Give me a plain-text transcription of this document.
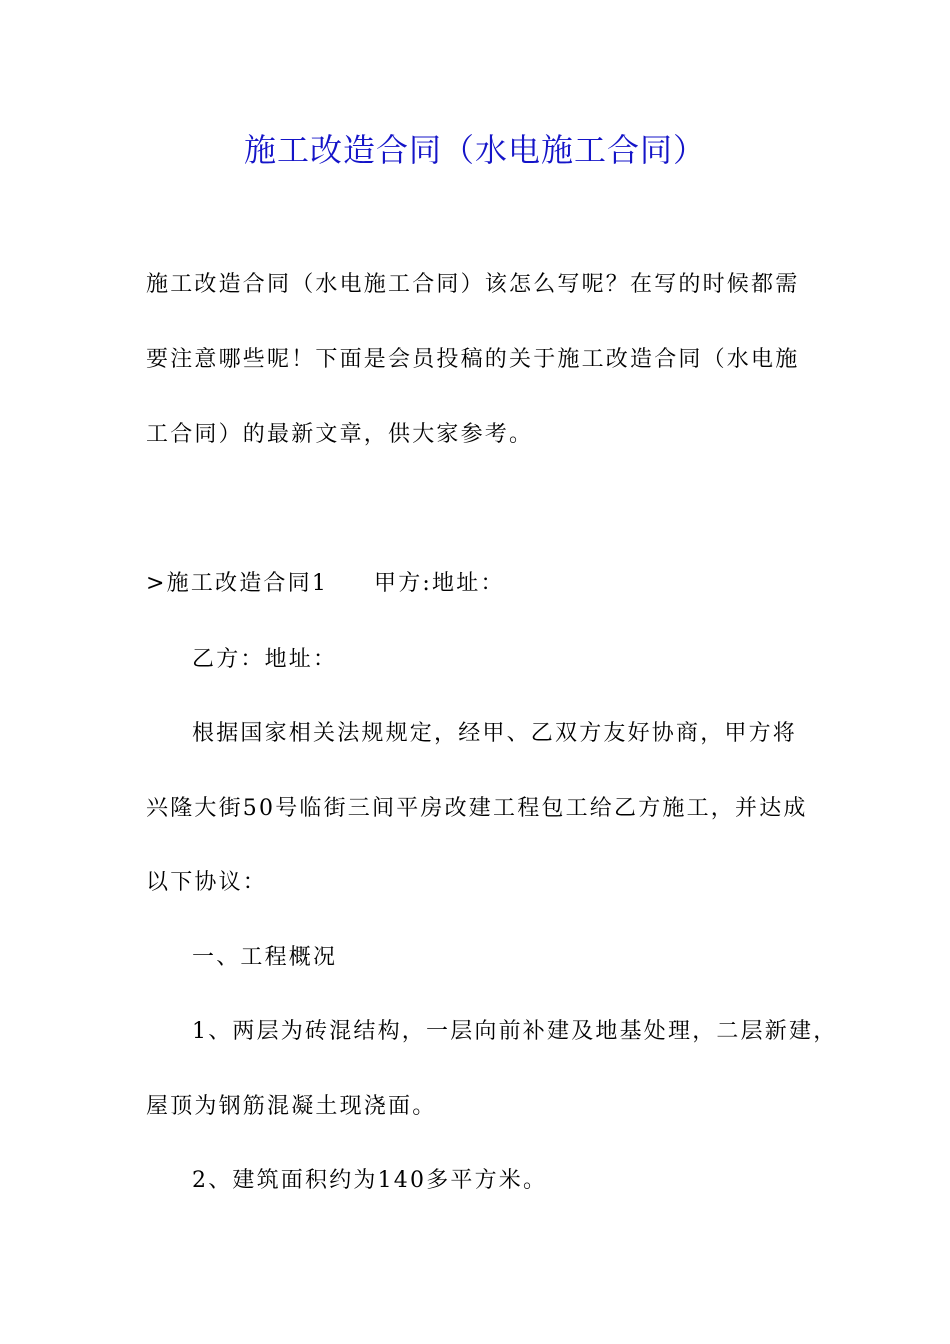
施工改造合同（水电施工合同）
施工改造合同（水电施工合同）该怎么写呢？在写的时候都需
要注意哪些呢！下面是会员投稿的关于施工改造合同（水电施
工合同）的最新文章，供大家参考。
>施工改造合同1 甲方:地址：
乙方：地址：
根据国家相关法规规定，经甲、乙双方友好协商，甲方将
兴隆大街50号临街三间平房改建工程包工给乙方施工，并达成
以下协议：
一、工程概况
1、两层为砖混结构，一层向前补建及地基处理，二层新建，
屋顶为钢筋混凝土现浇面。
2、建筑面积约为140多平方米。
